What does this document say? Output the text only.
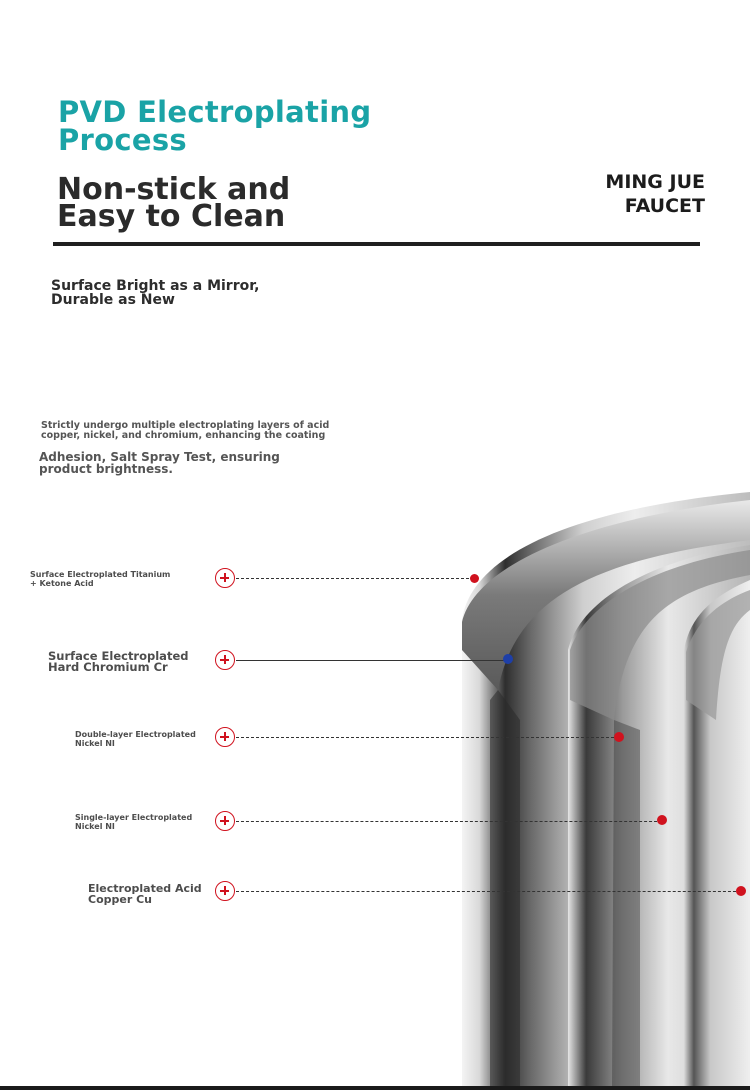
PVD Electroplating
Process
Non-stick and
Easy to Clean
MING JUE
FAUCET
Surface Bright as a Mirror,
Durable as New
Strictly undergo multiple electroplating layers of acid
copper, nickel, and chromium, enhancing the coating
Adhesion, Salt Spray Test, ensuring
product brightness.
Surface Electroplated Titanium
+ Ketone Acid
Surface Electroplated
Hard Chromium Cr
Double-layer Electroplated
Nickel NI
Single-layer Electroplated
Nickel NI
Electroplated Acid
Copper Cu
